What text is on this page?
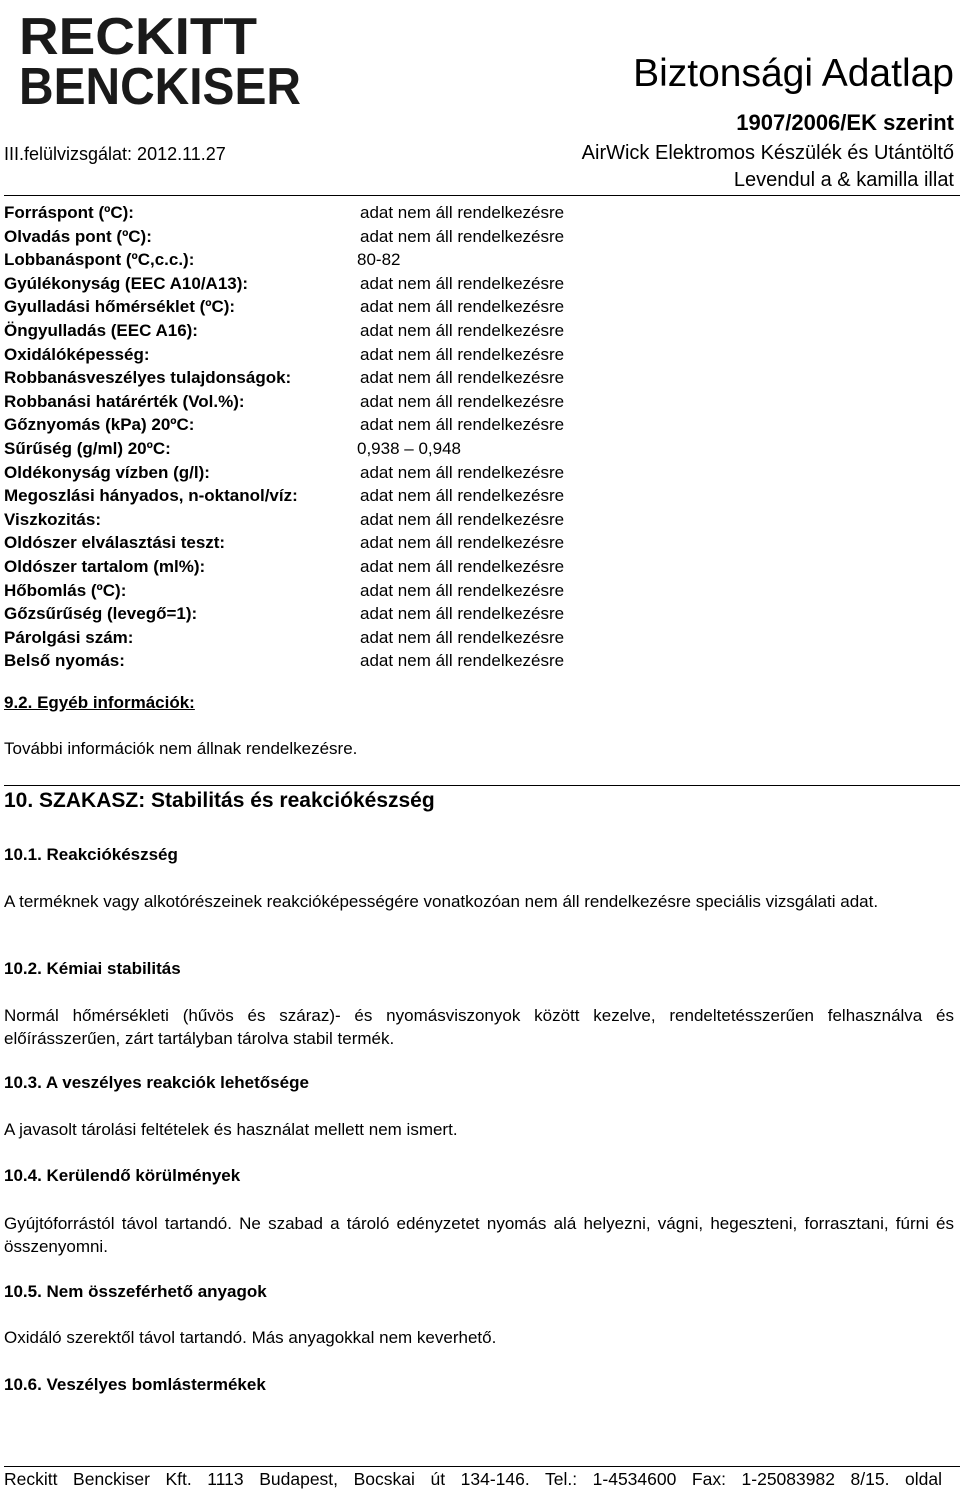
RECKITT
BENCKISER	Biztonsági Adatlap
1907/2006/EK szerint
III.felülvizsgálat: 2012.11.27	AirWick Elektromos Készülék és Utántöltő
Levendul a & kamilla illat
Forráspont (ºC):	adat nem áll rendelkezésre
Olvadás pont (ºC):	adat nem áll rendelkezésre
Lobbanáspont (ºC,c.c.):	80-82
Gyúlékonyság (EEC A10/A13):	adat nem áll rendelkezésre
Gyulladási hőmérséklet (ºC):	adat nem áll rendelkezésre
Öngyulladás (EEC A16):	adat nem áll rendelkezésre
Oxidálóképesség:	adat nem áll rendelkezésre
Robbanásveszélyes tulajdonságok:	adat nem áll rendelkezésre
Robbanási határérték (Vol.%):	adat nem áll rendelkezésre
Gőznyomás (kPa) 20ºC:	adat nem áll rendelkezésre
Sűrűség (g/ml) 20ºC:	0,938 – 0,948
Oldékonyság vízben (g/l):	adat nem áll rendelkezésre
Megoszlási hányados, n-oktanol/víz:	adat nem áll rendelkezésre
Viszkozitás:	adat nem áll rendelkezésre
Oldószer elválasztási teszt:	adat nem áll rendelkezésre
Oldószer tartalom (ml%):	adat nem áll rendelkezésre
Hőbomlás (ºC):	adat nem áll rendelkezésre
Gőzsűrűség (levegő=1):	adat nem áll rendelkezésre
Párolgási szám:	adat nem áll rendelkezésre
Belső nyomás:	adat nem áll rendelkezésre
9.2. Egyéb információk:
További információk nem állnak rendelkezésre.
10. SZAKASZ: Stabilitás és reakciókészség
10.1. Reakciókészség
A terméknek vagy alkotórészeinek reakcióképességére vonatkozóan nem áll rendelkezésre speciális vizsgálati adat.
10.2. Kémiai stabilitás
Normál hőmérsékleti (hűvös és száraz)- és nyomásviszonyok között kezelve, rendeltetésszerűen felhasználva és előírásszerűen, zárt tartályban tárolva stabil termék.
10.3. A veszélyes reakciók lehetősége
A javasolt tárolási feltételek és használat mellett nem ismert.
10.4. Kerülendő körülmények
Gyújtóforrástól távol tartandó. Ne szabad a tároló edényzetet nyomás alá helyezni, vágni, hegeszteni, forrasztani, fúrni és összenyomni.
10.5. Nem összeférhető anyagok
Oxidáló szerektől távol tartandó. Más anyagokkal nem keverhető.
10.6. Veszélyes bomlástermékek
Reckitt Benckiser Kft. 1113 Budapest, Bocskai út 134-146. Tel.: 1-4534600 Fax: 1-25083982 8/15. oldal
